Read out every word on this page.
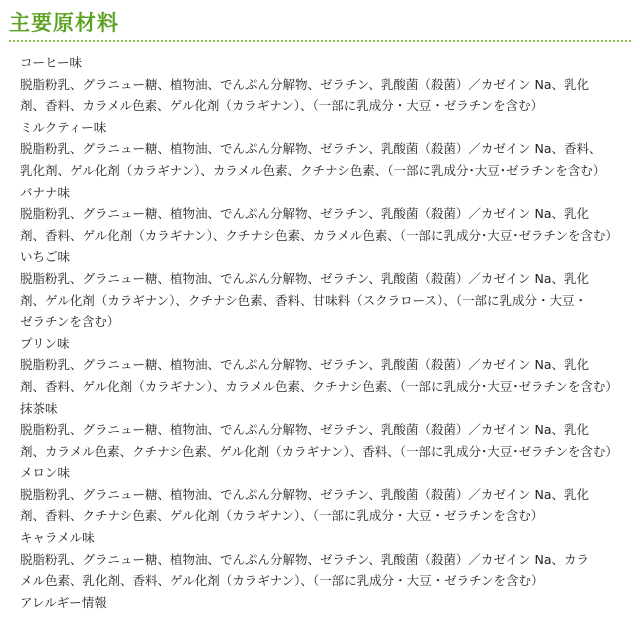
主要原材料

コーヒー味

脱脂粉乳、グラニュー糖、植物油、でんぷん分解物、ゼラチン、乳酸菌（殺菌）／カゼイン Na、乳化
剤、香料、カラメル色素、ゲル化剤（カラギナン）、（一部に乳成分・大豆・ゼラチンを含む）

ミルクティー味

脱脂粉乳、グラニュー糖、植物油、でんぷん分解物、ゼラチン、乳酸菌（殺菌）／カゼイン Na、香料、
乳化剤、ゲル化剤（カラギナン）、カラメル色素、クチナシ色素、（一部に乳成分･大豆･ゼラチンを含む）

バナナ味

脱脂粉乳、グラニュー糖、植物油、でんぷん分解物、ゼラチン、乳酸菌（殺菌）／カゼイン Na、乳化
剤、香料、ゲル化剤（カラギナン）、クチナシ色素、カラメル色素、（一部に乳成分･大豆･ゼラチンを含む）

いちご味

脱脂粉乳、グラニュー糖、植物油、でんぷん分解物、ゼラチン、乳酸菌（殺菌）／カゼイン Na、乳化
剤、ゲル化剤（カラギナン）、クチナシ色素、香料、甘味料（スクラロース）、（一部に乳成分・大豆・
ゼラチンを含む）

プリン味

脱脂粉乳、グラニュー糖、植物油、でんぷん分解物、ゼラチン、乳酸菌（殺菌）／カゼイン Na、乳化
剤、香料、ゲル化剤（カラギナン）、カラメル色素、クチナシ色素、（一部に乳成分･大豆･ゼラチンを含む）

抹茶味

脱脂粉乳、グラニュー糖、植物油、でんぷん分解物、ゼラチン、乳酸菌（殺菌）／カゼイン Na、乳化
剤、カラメル色素、クチナシ色素、ゲル化剤（カラギナン）、香料、（一部に乳成分･大豆･ゼラチンを含む）

メロン味

脱脂粉乳、グラニュー糖、植物油、でんぷん分解物、ゼラチン、乳酸菌（殺菌）／カゼイン Na、乳化
剤、香料、クチナシ色素、ゲル化剤（カラギナン）、（一部に乳成分・大豆・ゼラチンを含む）

キャラメル味

脱脂粉乳、グラニュー糖、植物油、でんぷん分解物、ゼラチン、乳酸菌（殺菌）／カゼイン Na、カラ
メル色素、乳化剤、香料、ゲル化剤（カラギナン）、（一部に乳成分・大豆・ゼラチンを含む）

アレルギー情報
